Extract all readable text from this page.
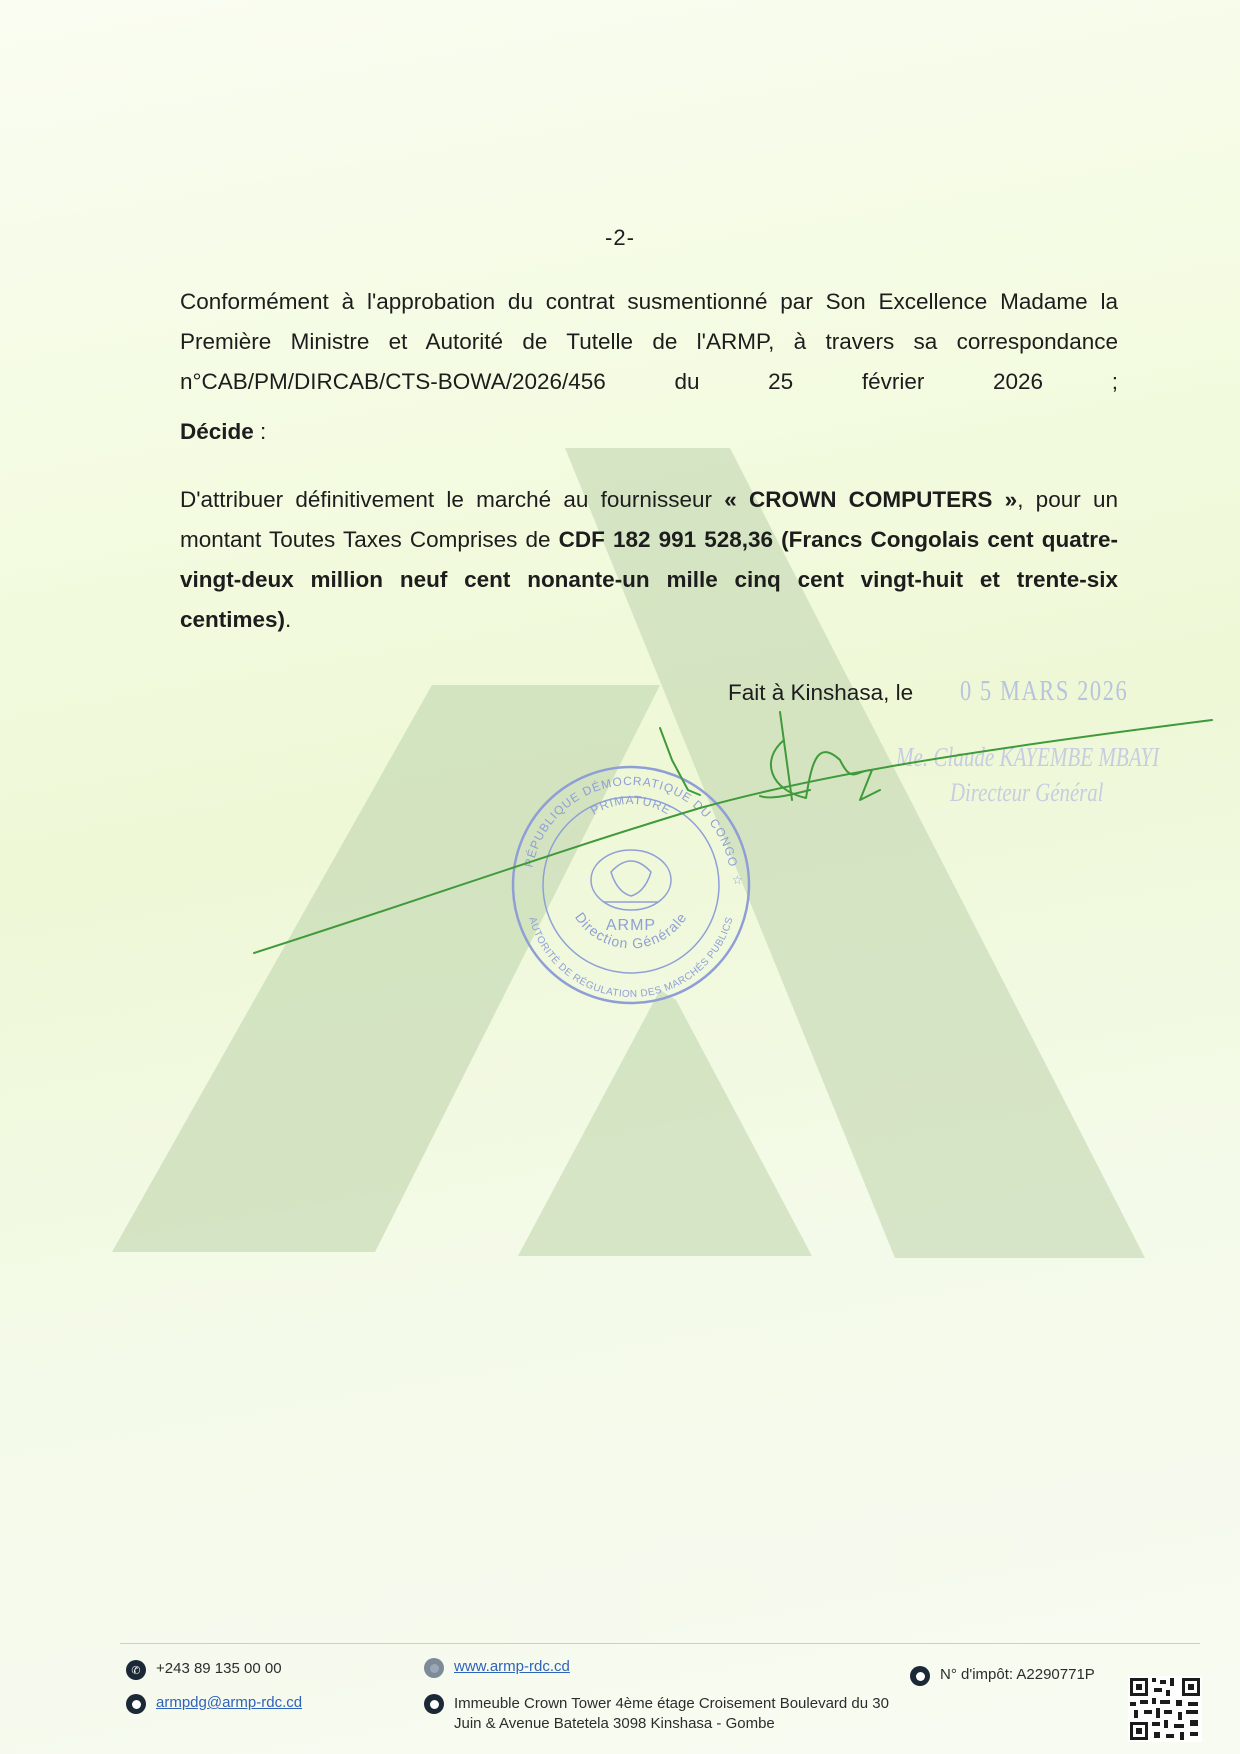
-2-
Conformément à l'approbation du contrat susmentionné par Son Excellence Madame la Première Ministre et Autorité de Tutelle de l'ARMP, à travers sa correspondance n°CAB/PM/DIRCAB/CTS-BOWA/2026/456 du 25 février 2026 ;
Décide :
D'attribuer définitivement le marché au fournisseur « CROWN COMPUTERS », pour un montant Toutes Taxes Comprises de CDF 182 991 528,36 (Francs Congolais cent quatre-vingt-deux million neuf cent nonante-un mille cinq cent vingt-huit et trente-six centimes).
Fait à Kinshasa, le 0 5 MARS 2026
Me. Claude KAYEMBE MBAYI
Directeur Général
RÉPUBLIQUE DÉMOCRATIQUE DU CONGO
AUTORITÉ DE RÉGULATION DES MARCHÉS PUBLICS
PRIMATURE
ARMP
Direction Générale
☆
✆	+243 89 135 00 00
armpdg@armp-rdc.cd
www.armp-rdc.cd
Immeuble Crown Tower 4ème étage Croisement Boulevard du 30 Juin & Avenue Batetela 3098 Kinshasa - Gombe
N° d'impôt: A2290771P
